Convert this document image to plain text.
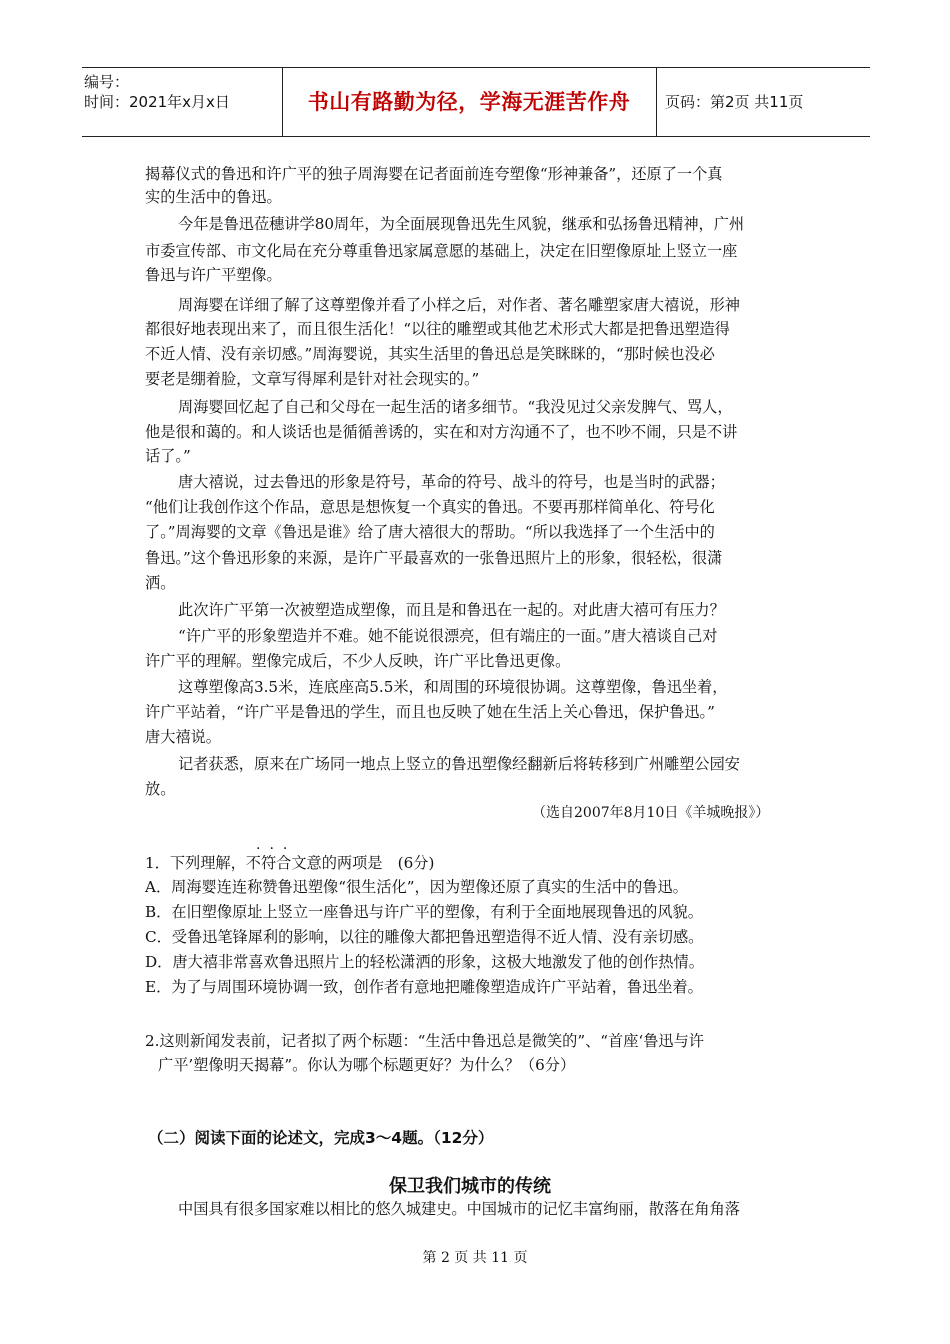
编号：
时间：2021年x月x日	书山有路勤为径，学海无涯苦作舟	页码：第2页 共11页
揭幕仪式的鲁迅和许广平的独子周海婴在记者面前连夸塑像“形神兼备”，还原了一个真
实的生活中的鲁迅。
今年是鲁迅莅穗讲学80周年，为全面展现鲁迅先生风貌，继承和弘扬鲁迅精神，广州
市委宣传部、市文化局在充分尊重鲁迅家属意愿的基础上，决定在旧塑像原址上竖立一座
鲁迅与许广平塑像。
周海婴在详细了解了这尊塑像并看了小样之后，对作者、著名雕塑家唐大禧说，形神
都很好地表现出来了，而且很生活化！“以往的雕塑或其他艺术形式大都是把鲁迅塑造得
不近人情、没有亲切感。”周海婴说，其实生活里的鲁迅总是笑眯眯的，“那时候也没必
要老是绷着脸，文章写得犀利是针对社会现实的。”
周海婴回忆起了自己和父母在一起生活的诸多细节。“我没见过父亲发脾气、骂人，
他是很和蔼的。和人谈话也是循循善诱的，实在和对方沟通不了，也不吵不闹，只是不讲
话了。”
唐大禧说，过去鲁迅的形象是符号，革命的符号、战斗的符号，也是当时的武器；
“他们让我创作这个作品，意思是想恢复一个真实的鲁迅。不要再那样简单化、符号化
了。”周海婴的文章《鲁迅是谁》给了唐大禧很大的帮助。“所以我选择了一个生活中的
鲁迅。”这个鲁迅形象的来源，是许广平最喜欢的一张鲁迅照片上的形象，很轻松，很潇
洒。
此次许广平第一次被塑造成塑像，而且是和鲁迅在一起的。对此唐大禧可有压力？
“许广平的形象塑造并不难。她不能说很漂亮，但有端庄的一面。”唐大禧谈自己对
许广平的理解。塑像完成后，不少人反映，许广平比鲁迅更像。
这尊塑像高3.5米，连底座高5.5米，和周围的环境很协调。这尊塑像，鲁迅坐着，
许广平站着，“许广平是鲁迅的学生，而且也反映了她在生活上关心鲁迅，保护鲁迅。”
唐大禧说。
记者获悉，原来在广场同一地点上竖立的鲁迅塑像经翻新后将转移到广州雕塑公园安
放。
（选自2007年8月10日《羊城晚报》）
...
1．下列理解，不符合文意的两项是　(6分)
A．周海婴连连称赞鲁迅塑像“很生活化”，因为塑像还原了真实的生活中的鲁迅。
B．在旧塑像原址上竖立一座鲁迅与许广平的塑像，有利于全面地展现鲁迅的风貌。
C．受鲁迅笔锋犀利的影响，以往的雕像大都把鲁迅塑造得不近人情、没有亲切感。
D．唐大禧非常喜欢鲁迅照片上的轻松潇洒的形象，这极大地激发了他的创作热情。
E．为了与周围环境协调一致，创作者有意地把雕像塑造成许广平站着，鲁迅坐着。
2.这则新闻发表前，记者拟了两个标题：“生活中鲁迅总是微笑的”、“首座‘鲁迅与许
广平’塑像明天揭幕”。你认为哪个标题更好？为什么？（6分）
（二）阅读下面的论述文，完成3～4题。（12分）
保卫我们城市的传统
中国具有很多国家难以相比的悠久城建史。中国城市的记忆丰富绚丽，散落在角角落
第 2 页 共 11 页
